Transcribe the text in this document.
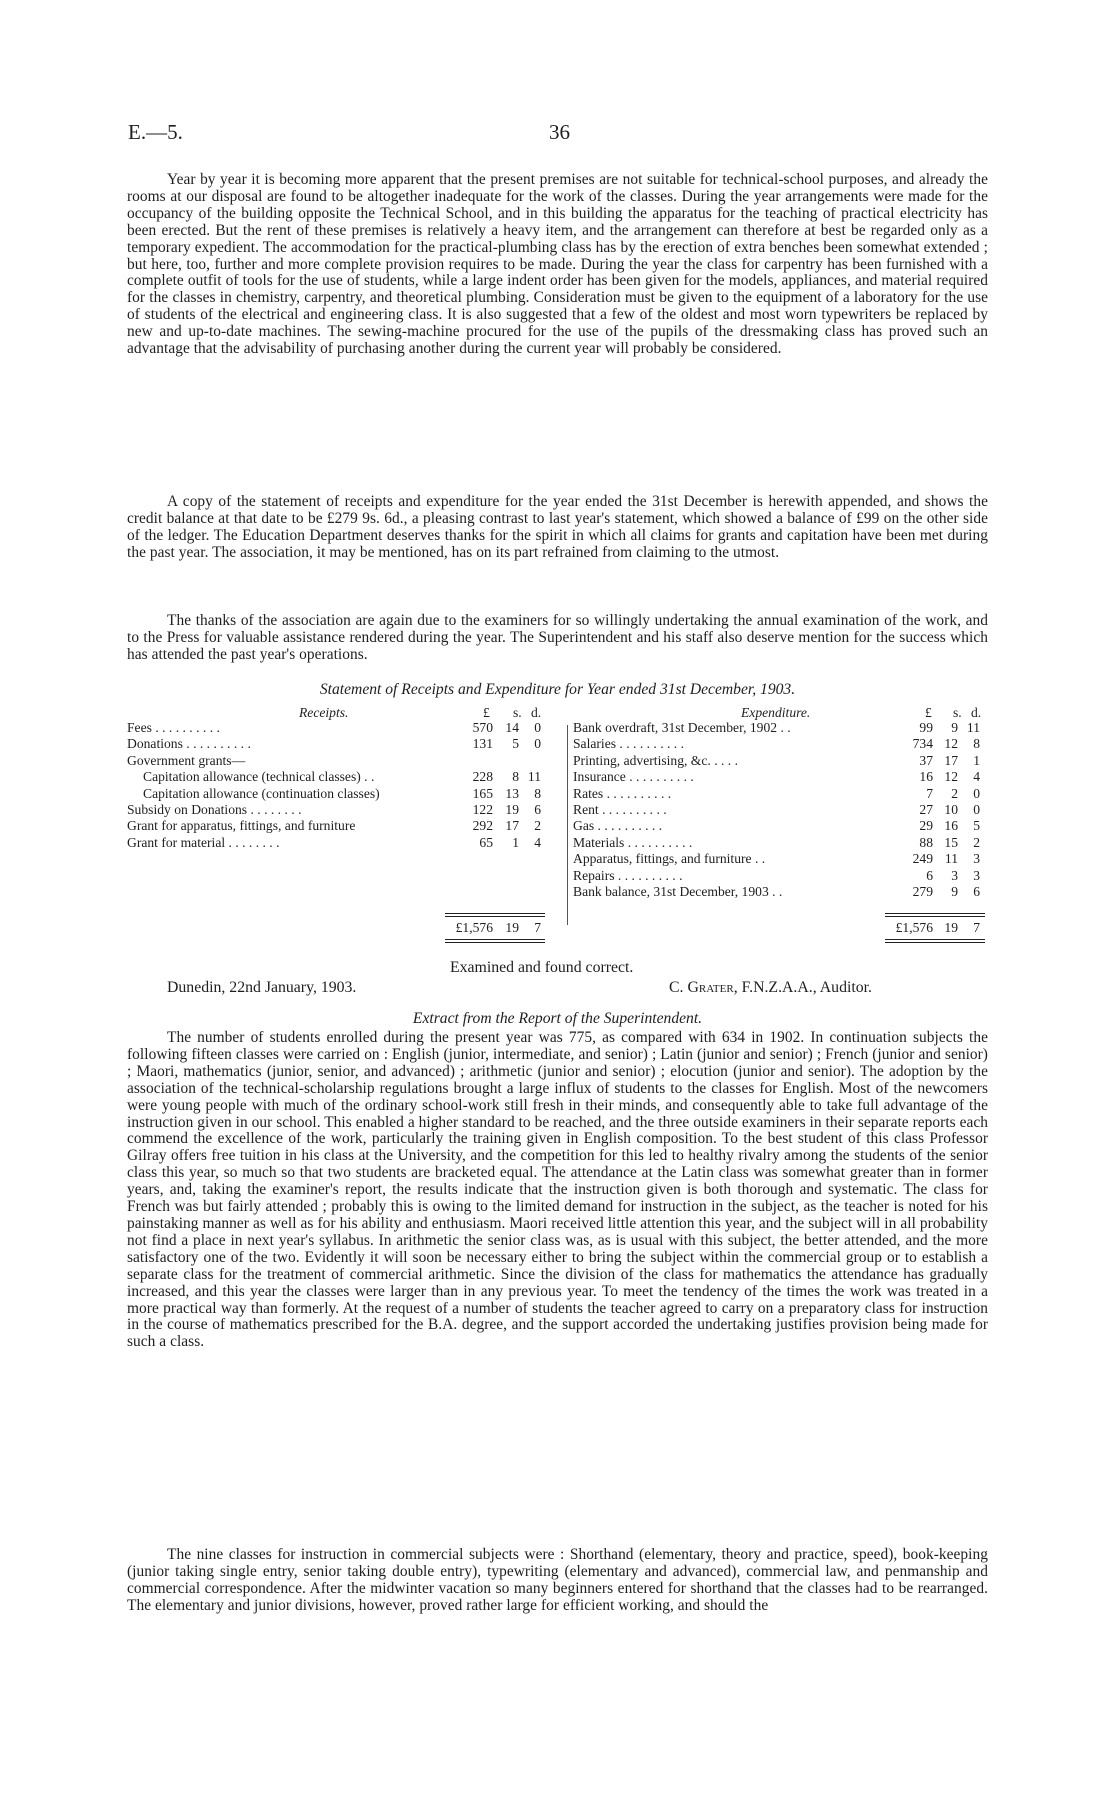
E.—5.	36

Year by year it is becoming more apparent that the present premises are not suitable for technical-school purposes, and already the rooms at our disposal are found to be altogether inadequate for the work of the classes. During the year arrangements were made for the occupancy of the building opposite the Technical School, and in this building the apparatus for the teaching of practical electricity has been erected. But the rent of these premises is relatively a heavy item, and the arrangement can therefore at best be regarded only as a temporary expedient. The accommodation for the practical-plumbing class has by the erection of extra benches been somewhat extended ; but here, too, further and more complete provision requires to be made. During the year the class for carpentry has been furnished with a complete outfit of tools for the use of students, while a large indent order has been given for the models, appliances, and material required for the classes in chemistry, carpentry, and theoretical plumbing. Consideration must be given to the equipment of a laboratory for the use of students of the electrical and engineering class. It is also suggested that a few of the oldest and most worn typewriters be replaced by new and up-to-date machines. The sewing-machine procured for the use of the pupils of the dressmaking class has proved such an advantage that the advisability of purchasing another during the current year will probably be considered.

A copy of the statement of receipts and expenditure for the year ended the 31st December is herewith appended, and shows the credit balance at that date to be £279 9s. 6d., a pleasing contrast to last year's statement, which showed a balance of £99 on the other side of the ledger. The Education Department deserves thanks for the spirit in which all claims for grants and capitation have been met during the past year. The association, it may be mentioned, has on its part refrained from claiming to the utmost.

The thanks of the association are again due to the examiners for so willingly undertaking the annual examination of the work, and to the Press for valuable assistance rendered during the year. The Superintendent and his staff also deserve mention for the success which has attended the past year's operations.

Statement of Receipts and Expenditure for Year ended 31st December, 1903.
Receipts.	£ s. d.
Fees . . . . . . . . . .	570 14	0
Donations . . . . . . . . . .	131	5	0
Government grants—
Capitation allowance (technical classes) . .	228	8 11
Capitation allowance (continuation classes)	165 13	8
Subsidy on Donations . . . . . . . .	122 19	6
Grant for apparatus, fittings, and furniture	292 17	2
Grant for material . . . . . . . .	65	1	4
£1,576 19	7
Expenditure.	£ s. d.
Bank overdraft, 31st December, 1902 . .	99	9 11
Salaries . . . . . . . . . .	734 12	8
Printing, advertising, &c. . . . .	37 17	1
Insurance . . . . . . . . . .	16 12	4
Rates . . . . . . . . . .	7	2	0
Rent . . . . . . . . . .	27 10	0
Gas . . . . . . . . . .	29 16	5
Materials . . . . . . . . . .	88 15	2
Apparatus, fittings, and furniture . .	249 11	3
Repairs . . . . . . . . . .	6	3	3
Bank balance, 31st December, 1903 . .	279	9	6
£1,576 19	7
Examined and found correct.
Dunedin, 22nd January, 1903.	C. Grater, F.N.Z.A.A., Auditor.
Extract from the Report of the Superintendent.

The number of students enrolled during the present year was 775, as compared with 634 in 1902. In continuation subjects the following fifteen classes were carried on : English (junior, intermediate, and senior) ; Latin (junior and senior) ; French (junior and senior) ; Maori, mathematics (junior, senior, and advanced) ; arithmetic (junior and senior) ; elocution (junior and senior). The adoption by the association of the technical-scholarship regulations brought a large influx of students to the classes for English. Most of the newcomers were young people with much of the ordinary school-work still fresh in their minds, and consequently able to take full advantage of the instruction given in our school. This enabled a higher standard to be reached, and the three outside examiners in their separate reports each commend the excellence of the work, particularly the training given in English composition. To the best student of this class Professor Gilray offers free tuition in his class at the University, and the competition for this led to healthy rivalry among the students of the senior class this year, so much so that two students are bracketed equal. The attendance at the Latin class was somewhat greater than in former years, and, taking the examiner's report, the results indicate that the instruction given is both thorough and systematic. The class for French was but fairly attended ; probably this is owing to the limited demand for instruction in the subject, as the teacher is noted for his painstaking manner as well as for his ability and enthusiasm. Maori received little attention this year, and the subject will in all probability not find a place in next year's syllabus. In arithmetic the senior class was, as is usual with this subject, the better attended, and the more satisfactory one of the two. Evidently it will soon be necessary either to bring the subject within the commercial group or to establish a separate class for the treatment of commercial arithmetic. Since the division of the class for mathematics the attendance has gradually increased, and this year the classes were larger than in any previous year. To meet the tendency of the times the work was treated in a more practical way than formerly. At the request of a number of students the teacher agreed to carry on a preparatory class for instruction in the course of mathematics prescribed for the B.A. degree, and the support accorded the undertaking justifies provision being made for such a class.

The nine classes for instruction in commercial subjects were : Shorthand (elementary, theory and practice, speed), book-keeping (junior taking single entry, senior taking double entry), typewriting (elementary and advanced), commercial law, and penmanship and commercial correspondence. After the midwinter vacation so many beginners entered for shorthand that the classes had to be rearranged. The elementary and junior divisions, however, proved rather large for efficient working, and should the
